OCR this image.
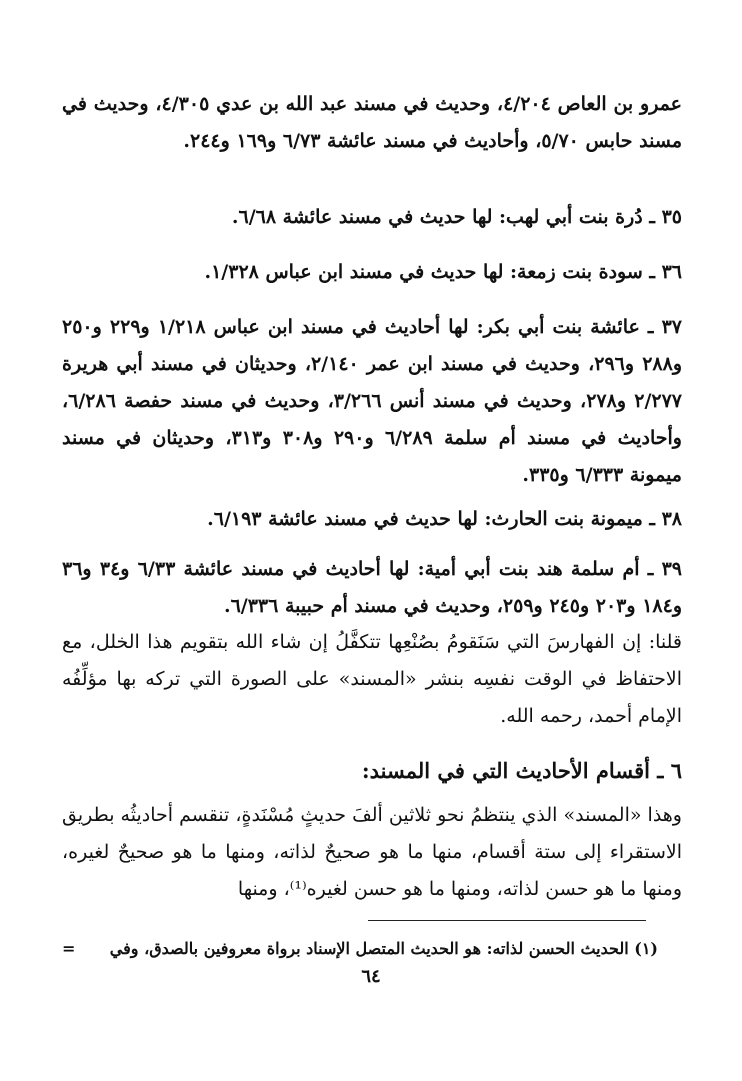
عمرو بن العاص ٤/٢٠٤، وحديث في مسند عبد الله بن عدي ٤/٣٠٥، وحديث في مسند حابس ٥/٧٠، وأحاديث في مسند عائشة ٦/٧٣ و١٦٩ و٢٤٤.
٣٥ ـ دُرة بنت أبي لهب: لها حديث في مسند عائشة ٦/٦٨.
٣٦ ـ سودة بنت زمعة: لها حديث في مسند ابن عباس ١/٣٢٨.
٣٧ ـ عائشة بنت أبي بكر: لها أحاديث في مسند ابن عباس ١/٢١٨ و٢٢٩ و٢٥٠ و٢٨٨ و٢٩٦، وحديث في مسند ابن عمر ٢/١٤٠، وحديثان في مسند أبي هريرة ٢/٢٧٧ و٢٧٨، وحديث في مسند أنس ٣/٢٦٦، وحديث في مسند حفصة ٦/٢٨٦، وأحاديث في مسند أم سلمة ٦/٢٨٩ و٢٩٠ و٣٠٨ و٣١٣، وحديثان في مسند ميمونة ٦/٣٣٣ و٣٣٥.
٣٨ ـ ميمونة بنت الحارث: لها حديث في مسند عائشة ٦/١٩٣.
٣٩ ـ أم سلمة هند بنت أبي أمية: لها أحاديث في مسند عائشة ٦/٣٣ و٣٤ و٣٦ و١٨٤ و٢٠٣ و٢٤٥ و٢٥٩، وحديث في مسند أم حبيبة ٦/٣٣٦.
قلنا: إن الفهارسَ التي سَنَقومُ بصُنْعِها تتكفَّلُ إن شاء الله بتقويم هذا الخلل، مع الاحتفاظ في الوقت نفسِه بنشر «المسند» على الصورة التي تركه بها مؤلِّفُه الإمام أحمد، رحمه الله.
٦ ـ أقسام الأحاديث التي في المسند:
وهذا «المسند» الذي ينتظمُ نحو ثلاثين ألفَ حديثٍ مُسْنَدةٍ، تنقسم أحاديثُه بطريق الاستقراء إلى ستة أقسام، منها ما هو صحيحٌ لذاته، ومنها ما هو صحيحٌ لغيره، ومنها ما هو حسن لذاته، ومنها ما هو حسن لغيره⁽¹⁾، ومنها
(١) الحديث الحسن لذاته: هو الحديث المتصل الإسناد برواة معروفين بالصدق، وفي
=
٦٤
